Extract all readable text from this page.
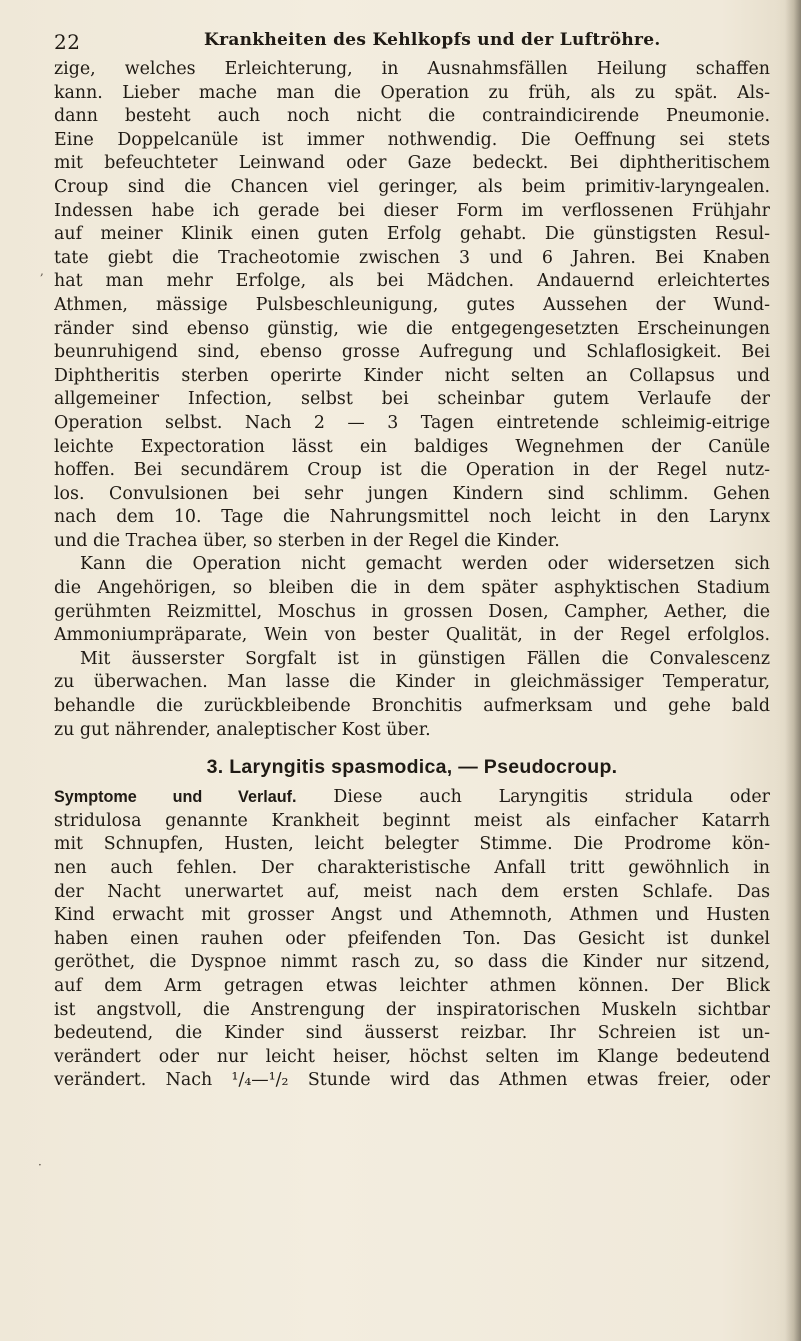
22	Krankheiten des Kehlkopfs und der Luftröhre.
,
·
zige, welches Erleichterung, in Ausnahmsfällen Heilung schaffen
kann. Lieber mache man die Operation zu früh, als zu spät. Als-
dann besteht auch noch nicht die contraindicirende Pneumonie.
Eine Doppelcanüle ist immer nothwendig. Die Oeffnung sei stets
mit befeuchteter Leinwand oder Gaze bedeckt. Bei diphtheritischem
Croup sind die Chancen viel geringer, als beim primitiv-laryngealen.
Indessen habe ich gerade bei dieser Form im verflossenen Frühjahr
auf meiner Klinik einen guten Erfolg gehabt. Die günstigsten Resul-
tate giebt die Tracheotomie zwischen 3 und 6 Jahren. Bei Knaben
hat man mehr Erfolge, als bei Mädchen. Andauernd erleichtertes
Athmen, mässige Pulsbeschleunigung, gutes Aussehen der Wund-
ränder sind ebenso günstig, wie die entgegengesetzten Erscheinungen
beunruhigend sind, ebenso grosse Aufregung und Schlaflosigkeit. Bei
Diphtheritis sterben operirte Kinder nicht selten an Collapsus und
allgemeiner Infection, selbst bei scheinbar gutem Verlaufe der
Operation selbst. Nach 2 — 3 Tagen eintretende schleimig-eitrige
leichte Expectoration lässt ein baldiges Wegnehmen der Canüle
hoffen. Bei secundärem Croup ist die Operation in der Regel nutz-
los. Convulsionen bei sehr jungen Kindern sind schlimm. Gehen
nach dem 10. Tage die Nahrungsmittel noch leicht in den Larynx
und die Trachea über, so sterben in der Regel die Kinder.
Kann die Operation nicht gemacht werden oder widersetzen sich
die Angehörigen, so bleiben die in dem später asphyktischen Stadium
gerühmten Reizmittel, Moschus in grossen Dosen, Campher, Aether, die
Ammoniumpräparate, Wein von bester Qualität, in der Regel erfolglos.
Mit äusserster Sorgfalt ist in günstigen Fällen die Convalescenz
zu überwachen. Man lasse die Kinder in gleichmässiger Temperatur,
behandle die zurückbleibende Bronchitis aufmerksam und gehe bald
zu gut nährender, analeptischer Kost über.
3. Laryngitis spasmodica, — Pseudocroup.
Symptome und Verlauf. Diese auch Laryngitis stridula oder
stridulosa genannte Krankheit beginnt meist als einfacher Katarrh
mit Schnupfen, Husten, leicht belegter Stimme. Die Prodrome kön-
nen auch fehlen. Der charakteristische Anfall tritt gewöhnlich in
der Nacht unerwartet auf, meist nach dem ersten Schlafe. Das
Kind erwacht mit grosser Angst und Athemnoth, Athmen und Husten
haben einen rauhen oder pfeifenden Ton. Das Gesicht ist dunkel
geröthet, die Dyspnoe nimmt rasch zu, so dass die Kinder nur sitzend,
auf dem Arm getragen etwas leichter athmen können. Der Blick
ist angstvoll, die Anstrengung der inspiratorischen Muskeln sichtbar
bedeutend, die Kinder sind äusserst reizbar. Ihr Schreien ist un-
verändert oder nur leicht heiser, höchst selten im Klange bedeutend
verändert. Nach ¹/₄—¹/₂ Stunde wird das Athmen etwas freier, oder
